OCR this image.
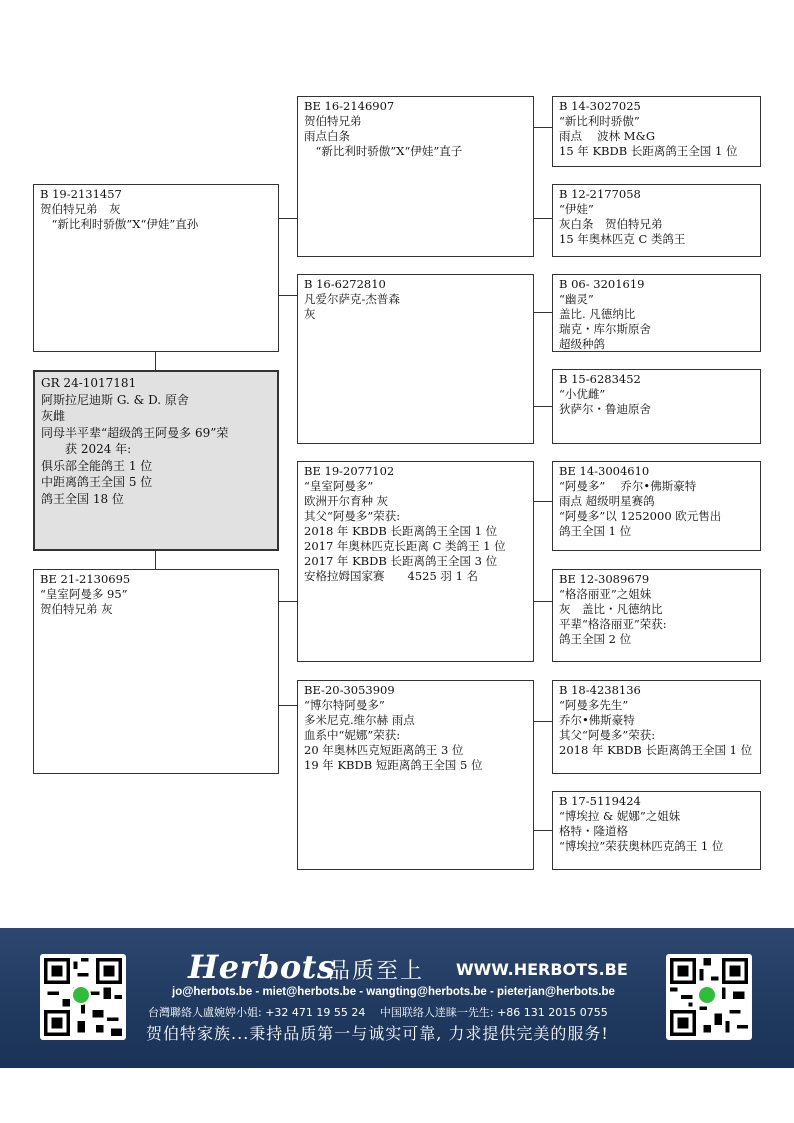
B 19-2131457
贺伯特兄弟　灰
　“新比利时骄傲”X“伊娃”直孙
GR 24-1017181
阿斯拉尼迪斯 G. & D. 原舍
灰雌
同母半平辈“超级鸽王阿曼多 69”荣
　　获 2024 年:
俱乐部全能鸽王 1 位
中距离鸽王全国 5 位
鸽王全国 18 位
BE 21-2130695
“皇室阿曼多 95”
贺伯特兄弟 灰
BE 16-2146907
贺伯特兄弟
雨点白条
　“新比利时骄傲”X“伊娃”直子
B 16-6272810
凡爱尔萨克-杰普森
灰
BE 19-2077102
“皇室阿曼多”
欧洲开尔育种 灰
其父“阿曼多”荣获:
2018 年 KBDB 长距离鸽王全国 1 位
2017 年奥林匹克长距离 C 类鸽王 1 位
2017 年 KBDB 长距离鸽王全国 3 位
安格拉姆国家赛　　4525 羽 1 名
BE-20-3053909
“博尔特阿曼多”
多米尼克.维尔赫 雨点
血系中“妮娜”荣获:
20 年奥林匹克短距离鸽王 3 位
19 年 KBDB 短距离鸽王全国 5 位
B 14-3027025
“新比利时骄傲”
雨点　 波林 M&G
15 年 KBDB 长距离鸽王全国 1 位
B 12-2177058
“伊娃”
灰白条　贺伯特兄弟
15 年奥林匹克 C 类鸽王
B 06- 3201619
“幽灵”
盖比. 凡德纳比
瑞克・库尔斯原舍
超级种鸽
B 15-6283452
“小优雌”
狄萨尔・鲁迪原舍
BE 14-3004610
“阿曼多”　 乔尔•佛斯豪特
雨点 超级明星赛鸽
“阿曼多”以 1252000 欧元售出
鸽王全国 1 位
BE 12-3089679
“格洛丽亚”之姐妹
灰　盖比・凡德纳比
平辈“格洛丽亚”荣获:
鸽王全国 2 位
B 18-4238136
“阿曼多先生”
乔尔•佛斯豪特
其父“阿曼多”荣获:
2018 年 KBDB 长距离鸽王全国 1 位
B 17-5119424
“博埃拉 & 妮娜”之姐妹
格特・隆道格
“博埃拉”荣获奥林匹克鸽王 1 位
Herbots
品质至上 WWW.HERBOTS.BE
jo@herbots.be - miet@herbots.be - wangting@herbots.be - pieterjan@herbots.be
台灣聯絡人盧婉婷小姐: +32 471 19 55 24　 中国联络人逹睐一先生: +86 131 2015 0755
贺伯特家族...秉持品质第一与诚实可靠, 力求提供完美的服务!
